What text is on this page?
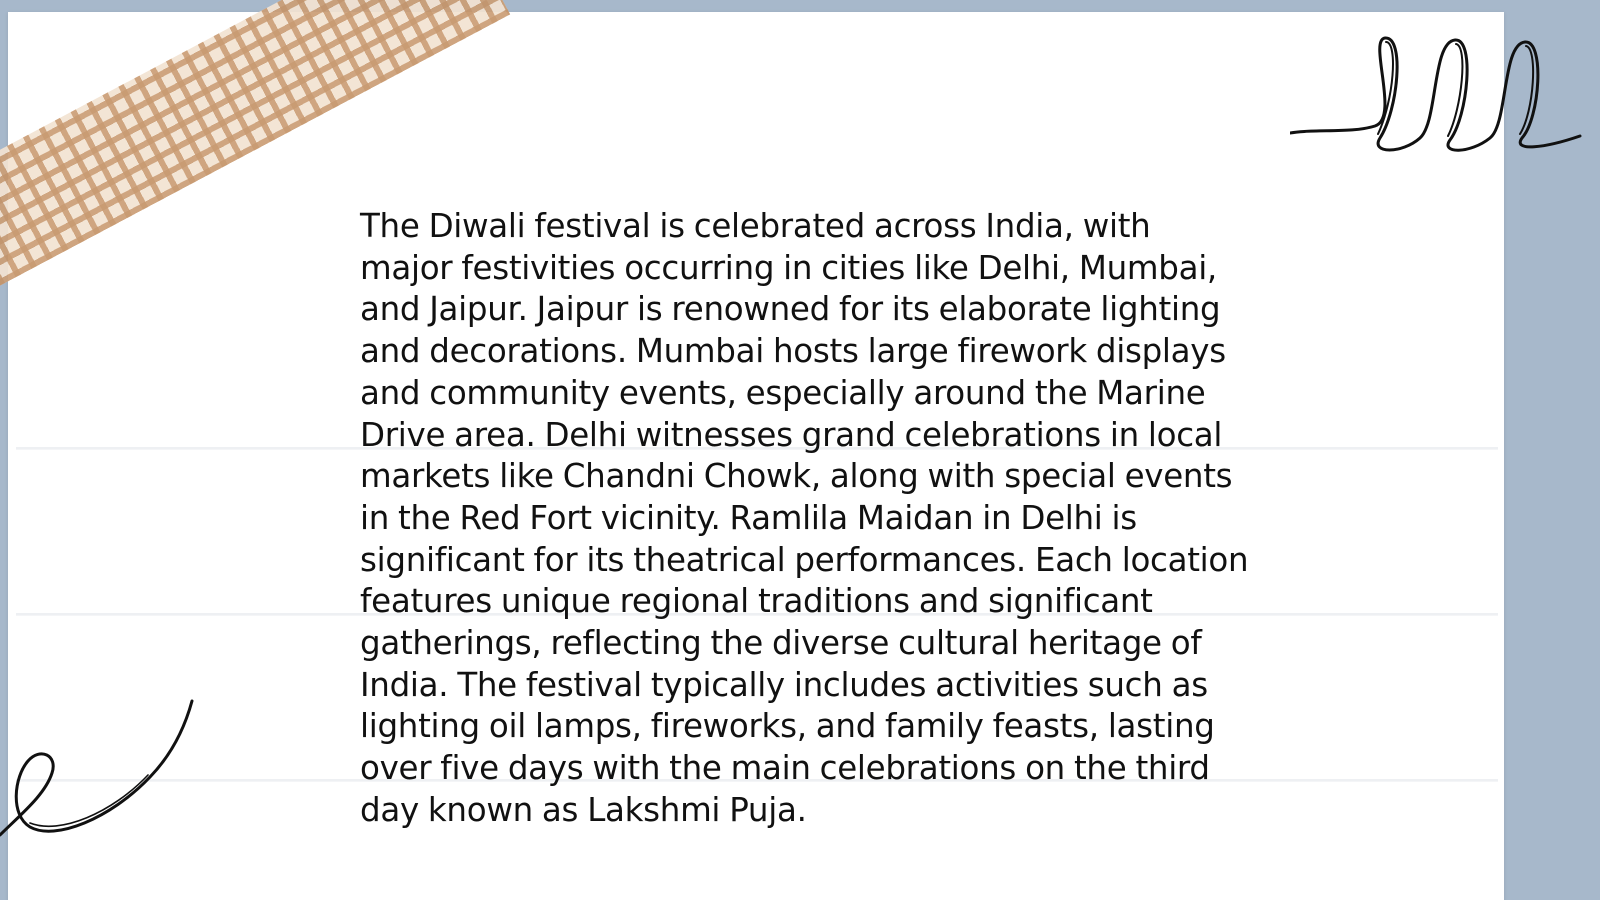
The Diwali festival is celebrated across India, with major festivities occurring in cities like Delhi, Mumbai, and Jaipur. Jaipur is renowned for its elaborate lighting and decorations. Mumbai hosts large firework displays and community events, especially around the Marine Drive area. Delhi witnesses grand celebrations in local markets like Chandni Chowk, along with special events in the Red Fort vicinity. Ramlila Maidan in Delhi is significant for its theatrical performances. Each location features unique regional traditions and significant gatherings, reflecting the diverse cultural heritage of India. The festival typically includes activities such as lighting oil lamps, fireworks, and family feasts, lasting over five days with the main celebrations on the third day known as Lakshmi Puja.
